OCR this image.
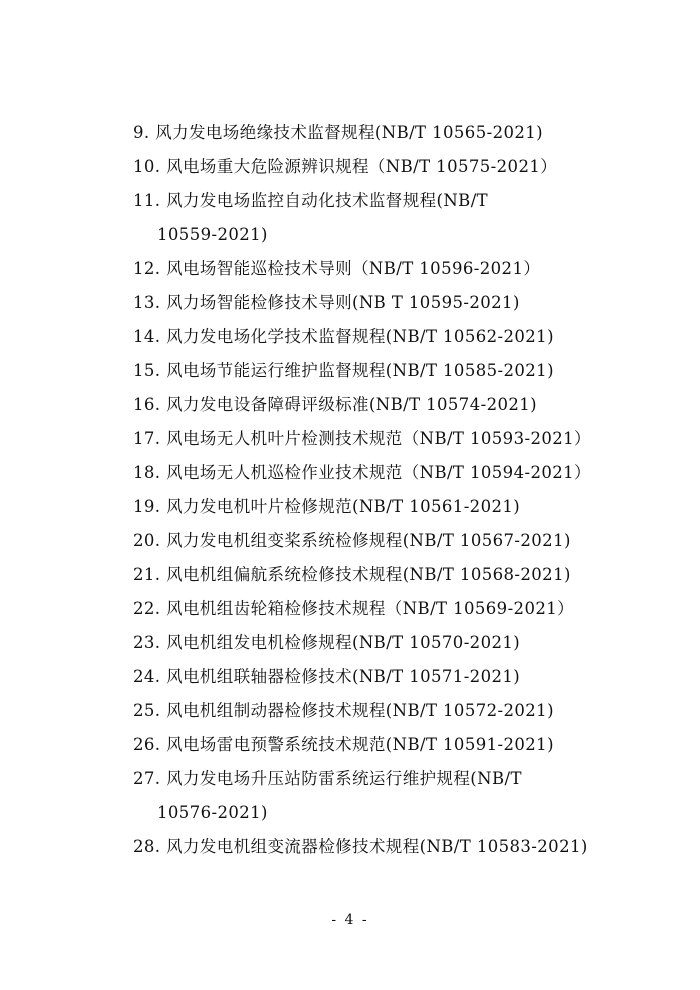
9. 风力发电场绝缘技术监督规程(NB/T 10565-2021)
10. 风电场重大危险源辨识规程（NB/T 10575-2021）
11. 风力发电场监控自动化技术监督规程(NB/T
10559-2021)
12. 风电场智能巡检技术导则（NB/T 10596-2021）
13. 风力场智能检修技术导则(NB T 10595-2021)
14. 风力发电场化学技术监督规程(NB/T 10562-2021)
15. 风电场节能运行维护监督规程(NB/T 10585-2021)
16. 风力发电设备障碍评级标准(NB/T 10574-2021)
17. 风电场无人机叶片检测技术规范（NB/T 10593-2021）
18. 风电场无人机巡检作业技术规范（NB/T 10594-2021）
19. 风力发电机叶片检修规范(NB/T 10561-2021)
20. 风力发电机组变桨系统检修规程(NB/T 10567-2021)
21. 风电机组偏航系统检修技术规程(NB/T 10568-2021)
22. 风电机组齿轮箱检修技术规程（NB/T 10569-2021）
23. 风电机组发电机检修规程(NB/T 10570-2021)
24. 风电机组联轴器检修技术(NB/T 10571-2021)
25. 风电机组制动器检修技术规程(NB/T 10572-2021)
26. 风电场雷电预警系统技术规范(NB/T 10591-2021)
27. 风力发电场升压站防雷系统运行维护规程(NB/T
10576-2021)
28. 风力发电机组变流器检修技术规程(NB/T 10583-2021)
- 4 -
